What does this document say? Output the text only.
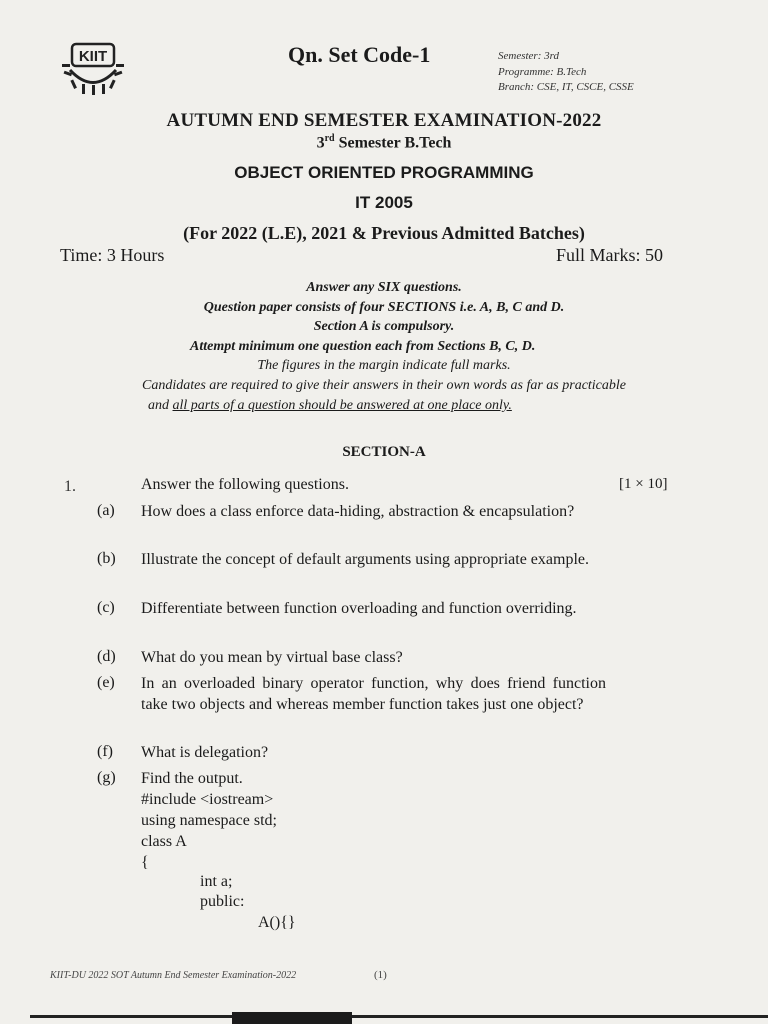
KIIT	Qn. Set Code-1	Semester: 3rd
Programme: B.Tech
Branch: CSE, IT, CSCE, CSSE
AUTUMN END SEMESTER EXAMINATION-2022
3rd Semester B.Tech
OBJECT ORIENTED PROGRAMMING
IT 2005
(For 2022 (L.E), 2021 & Previous Admitted Batches)
Time: 3 Hours	Full Marks: 50
Answer any SIX questions.
Question paper consists of four SECTIONS i.e. A, B, C and D.
Section A is compulsory.
Attempt minimum one question each from Sections B, C, D.
The figures in the margin indicate full marks.
Candidates are required to give their answers in their own words as far as practicable
and all parts of a question should be answered at one place only.
SECTION-A
1.	Answer the following questions.	[1 × 10]
(a) How does a class enforce data-hiding, abstraction & encapsulation?
(b) Illustrate the concept of default arguments using appropriate example.
(c) Differentiate between function overloading and function overriding.
(d) What do you mean by virtual base class?
(e) In an overloaded binary operator function, why does friend function take two objects and whereas member function takes just one object?
(f) What is delegation?
(g) Find the output.
#include <iostream>
using namespace std;
class A
{
int a;
public:
A(){}
KIIT-DU 2022 SOT Autumn End Semester Examination-2022	(1)
